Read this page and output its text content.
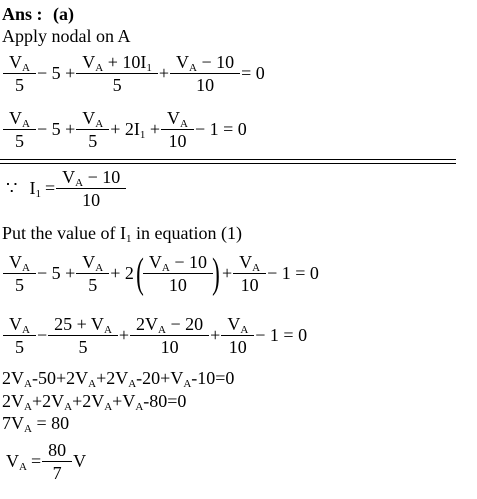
Ans : (a)
Apply nodal on A
$\frac{V_A}{5} - 5 + \frac{V_A + 10I_1}{5} + \frac{V_A - 10}{10} = 0$
$\frac{V_A}{5} - 5 + \frac{V_A}{5} + 2I_1 + \frac{V_A}{10} - 1 = 0$
∵ $I_1 = \frac{V_A - 10}{10}$
Put the value of $I_1$ in equation (1)
$\frac{V_A}{5} - 5 + \frac{V_A}{5} + 2$ ( $\frac{V_A - 10}{10}$ ) + $\frac{V_A}{10} - 1 = 0$
$\frac{V_A}{5} - \frac{25 + V_A}{5} + \frac{2V_A - 20}{10} + \frac{V_A}{10} - 1 = 0$
$2V_A-50+2V_A+2V_A-20+V_A-10=0$
$2V_A+2V_A+2V_A+V_A-80=0$
$7V_A = 80$
$V_A = \frac{80}{7}$ V
